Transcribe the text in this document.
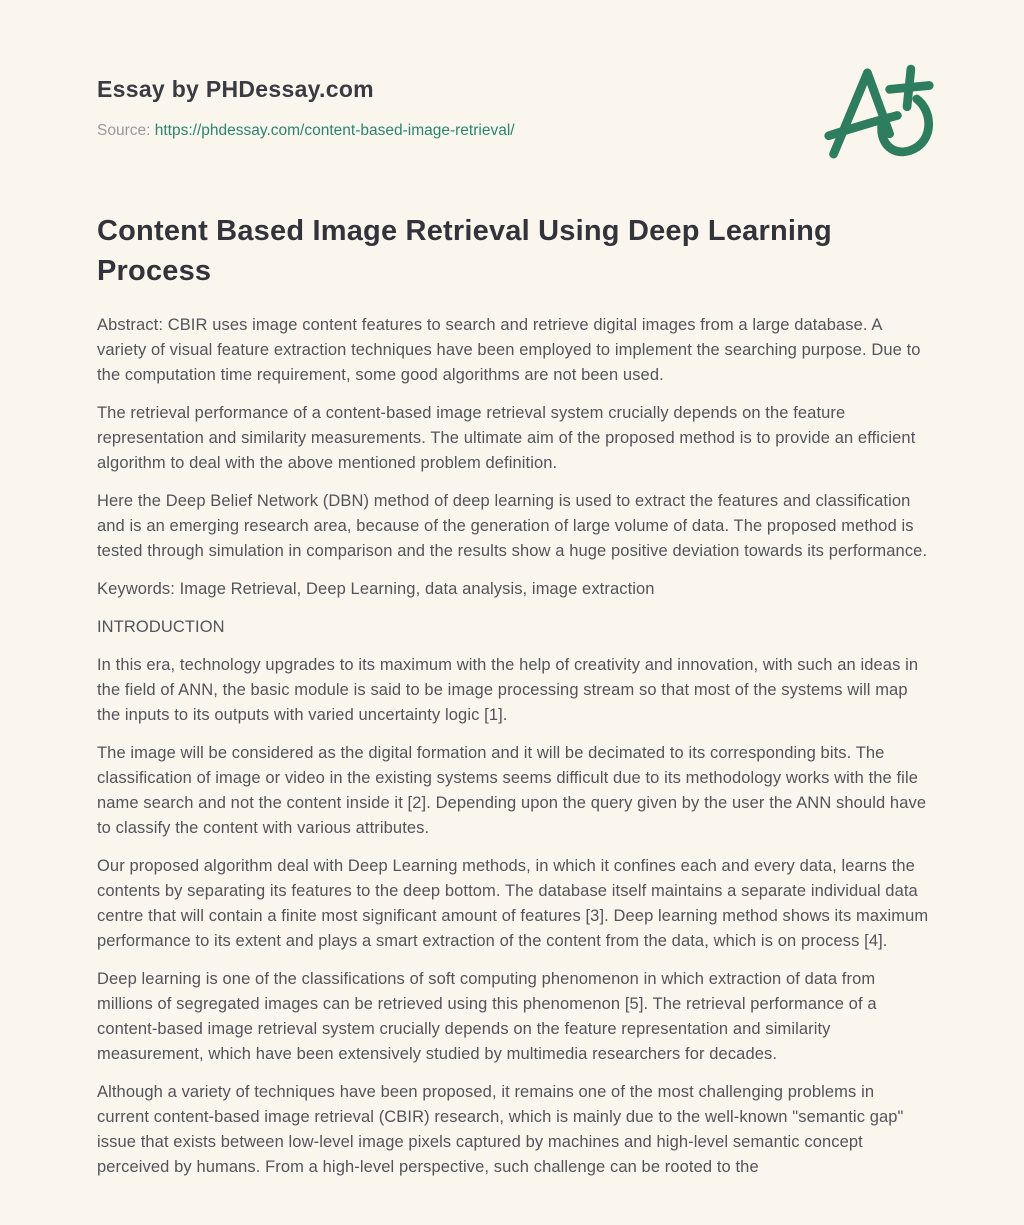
Essay by PHDessay.com
Source: https://phdessay.com/content-based-image-retrieval/
Content Based Image Retrieval Using Deep Learning Process

Abstract: CBIR uses image content features to search and retrieve digital images from a large database. A variety of visual feature extraction techniques have been employed to implement the searching purpose. Due to the computation time requirement, some good algorithms are not been used.

The retrieval performance of a content-based image retrieval system crucially depends on the feature representation and similarity measurements. The ultimate aim of the proposed method is to provide an efficient algorithm to deal with the above mentioned problem definition.

Here the Deep Belief Network (DBN) method of deep learning is used to extract the features and classification and is an emerging research area, because of the generation of large volume of data. The proposed method is tested through simulation in comparison and the results show a huge positive deviation towards its performance.

Keywords: Image Retrieval, Deep Learning, data analysis, image extraction

INTRODUCTION

In this era, technology upgrades to its maximum with the help of creativity and innovation, with such an ideas in the field of ANN, the basic module is said to be image processing stream so that most of the systems will map the inputs to its outputs with varied uncertainty logic [1].

The image will be considered as the digital formation and it will be decimated to its corresponding bits. The classification of image or video in the existing systems seems difficult due to its methodology works with the file name search and not the content inside it [2]. Depending upon the query given by the user the ANN should have to classify the content with various attributes.

Our proposed algorithm deal with Deep Learning methods, in which it confines each and every data, learns the contents by separating its features to the deep bottom. The database itself maintains a separate individual data centre that will contain a finite most significant amount of features [3]. Deep learning method shows its maximum performance to its extent and plays a smart extraction of the content from the data, which is on process [4].

Deep learning is one of the classifications of soft computing phenomenon in which extraction of data from millions of segregated images can be retrieved using this phenomenon [5]. The retrieval performance of a content-based image retrieval system crucially depends on the feature representation and similarity measurement, which have been extensively studied by multimedia researchers for decades.

Although a variety of techniques have been proposed, it remains one of the most challenging problems in current content-based image retrieval (CBIR) research, which is mainly due to the well-known "semantic gap" issue that exists between low-level image pixels captured by machines and high-level semantic concept perceived by humans. From a high-level perspective, such challenge can be rooted to the
